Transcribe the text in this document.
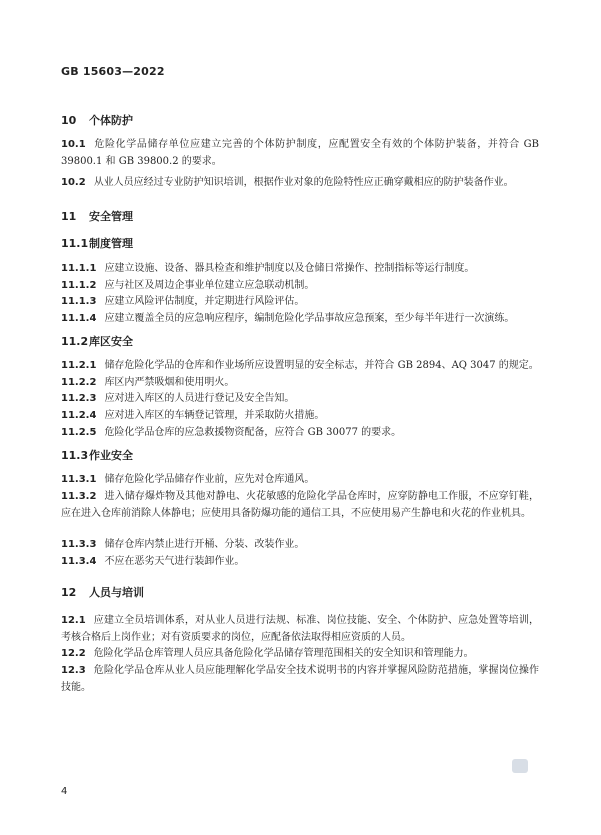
GB 15603—2022
10 个体防护
10.1 危险化学品储存单位应建立完善的个体防护制度，应配置安全有效的个体防护装备，并符合 GB 39800.1 和 GB 39800.2 的要求。
10.2 从业人员应经过专业防护知识培训，根据作业对象的危险特性应正确穿戴相应的防护装备作业。
11 安全管理
11.1制度管理
11.1.1 应建立设施、设备、器具检查和维护制度以及仓储日常操作、控制指标等运行制度。
11.1.2 应与社区及周边企事业单位建立应急联动机制。
11.1.3 应建立风险评估制度，并定期进行风险评估。
11.1.4 应建立覆盖全员的应急响应程序，编制危险化学品事故应急预案，至少每半年进行一次演练。
11.2库区安全
11.2.1 储存危险化学品的仓库和作业场所应设置明显的安全标志，并符合 GB 2894、AQ 3047 的规定。
11.2.2 库区内严禁吸烟和使用明火。
11.2.3 应对进入库区的人员进行登记及安全告知。
11.2.4 应对进入库区的车辆登记管理，并采取防火措施。
11.2.5 危险化学品仓库的应急救援物资配备，应符合 GB 30077 的要求。
11.3作业安全
11.3.1 储存危险化学品储存作业前，应先对仓库通风。
11.3.2 进入储存爆炸物及其他对静电、火花敏感的危险化学品仓库时，应穿防静电工作服，不应穿钉鞋，应在进入仓库前消除人体静电；应使用具备防爆功能的通信工具，不应使用易产生静电和火花的作业机具。
11.3.3 储存仓库内禁止进行开桶、分装、改装作业。
11.3.4 不应在恶劣天气进行装卸作业。
12 人员与培训
12.1 应建立全员培训体系，对从业人员进行法规、标准、岗位技能、安全、个体防护、应急处置等培训，考核合格后上岗作业；对有资质要求的岗位，应配备依法取得相应资质的人员。
12.2 危险化学品仓库管理人员应具备危险化学品储存管理范围相关的安全知识和管理能力。
12.3 危险化学品仓库从业人员应能理解化学品安全技术说明书的内容并掌握风险防范措施，掌握岗位操作技能。
4
